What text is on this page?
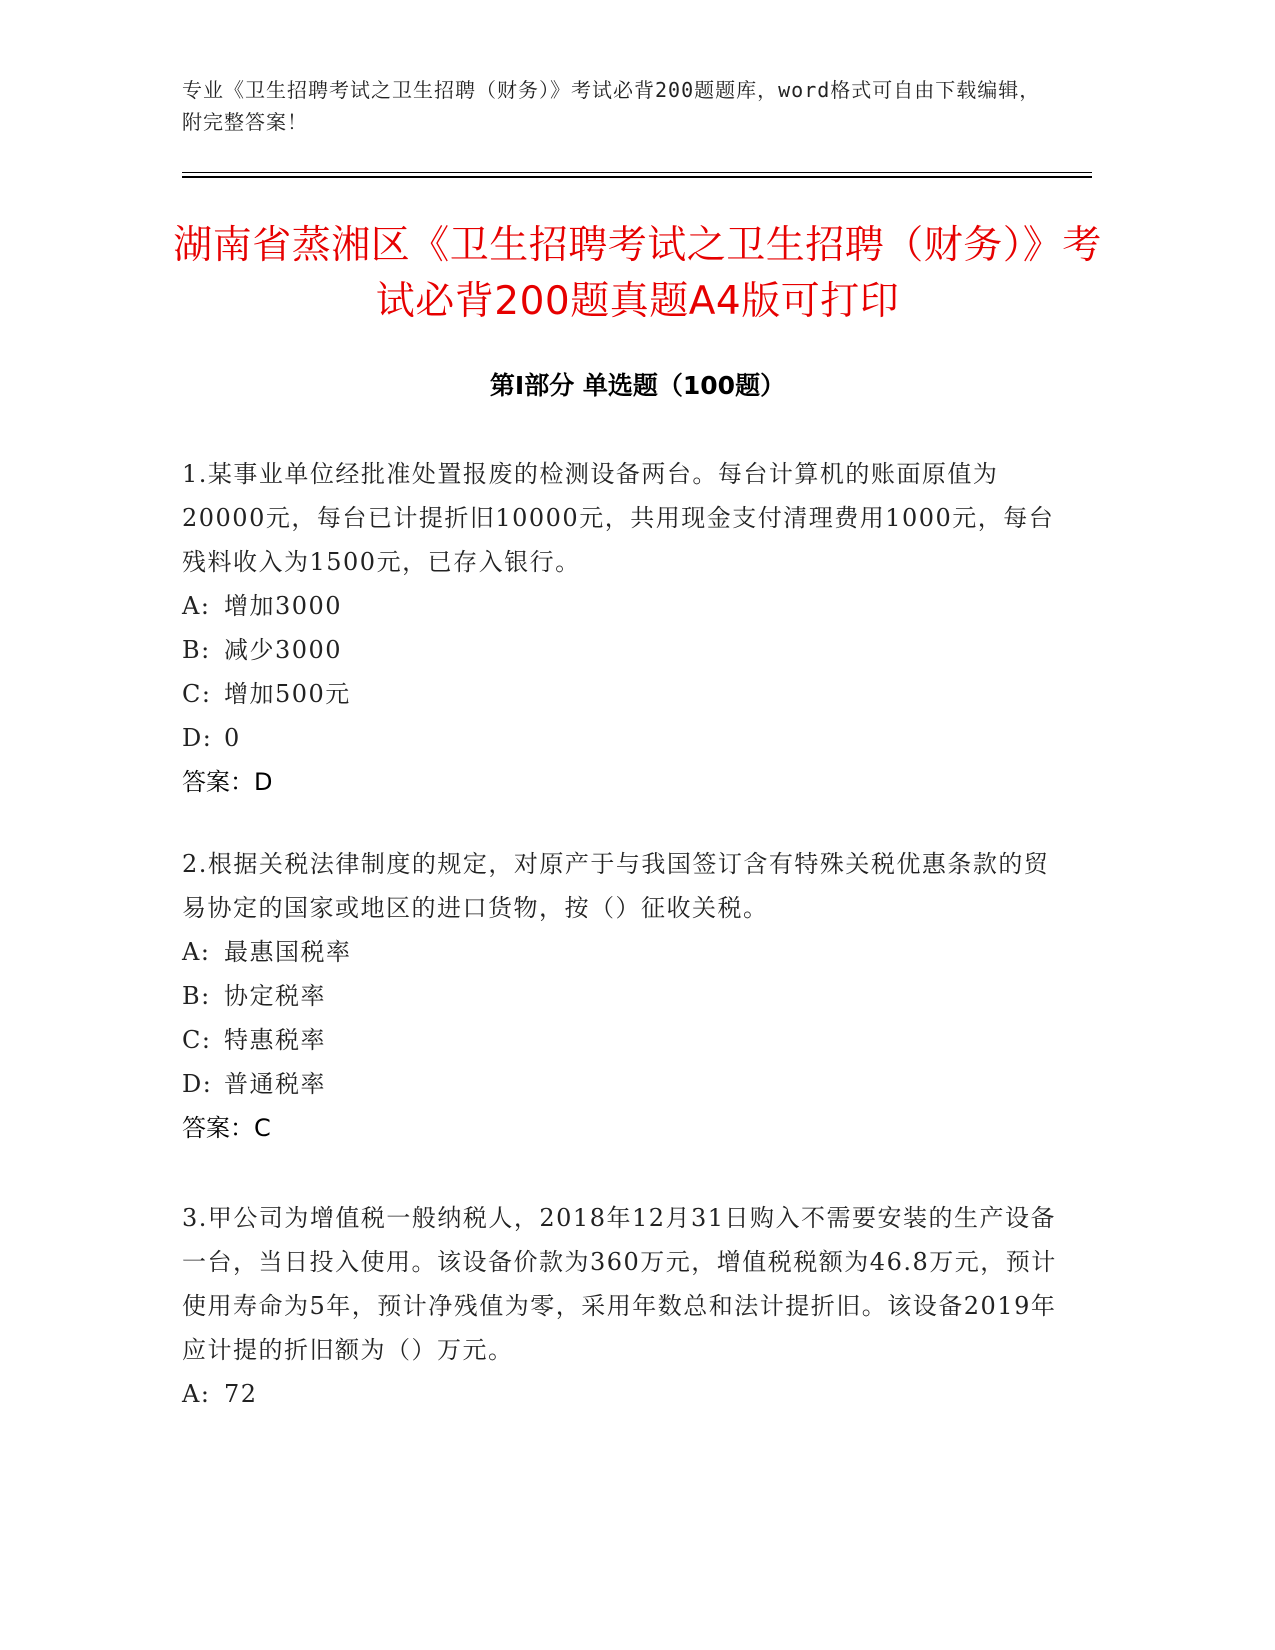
专业《卫生招聘考试之卫生招聘（财务）》考试必背200题题库，word格式可自由下载编辑，附完整答案！
湖南省蒸湘区《卫生招聘考试之卫生招聘（财务）》考试必背200题真题A4版可打印
第Ⅰ部分 单选题（100题）

1.某事业单位经批准处置报废的检测设备两台。每台计算机的账面原值为20000元，每台已计提折旧10000元，共用现金支付清理费用1000元，每台残料收入为1500元，已存入银行。

A: 增加3000
B: 减少3000
C: 增加500元
D: 0
答案： D

2.根据关税法律制度的规定，对原产于与我国签订含有特殊关税优惠条款的贸易协定的国家或地区的进口货物，按（）征收关税。

A: 最惠国税率
B: 协定税率
C: 特惠税率
D: 普通税率
答案： C

3.甲公司为增值税一般纳税人，2018年12月31日购入不需要安装的生产设备一台，当日投入使用。该设备价款为360万元，增值税税额为46.8万元，预计使用寿命为5年，预计净残值为零，采用年数总和法计提折旧。该设备2019年应计提的折旧额为（）万元。

A: 72
